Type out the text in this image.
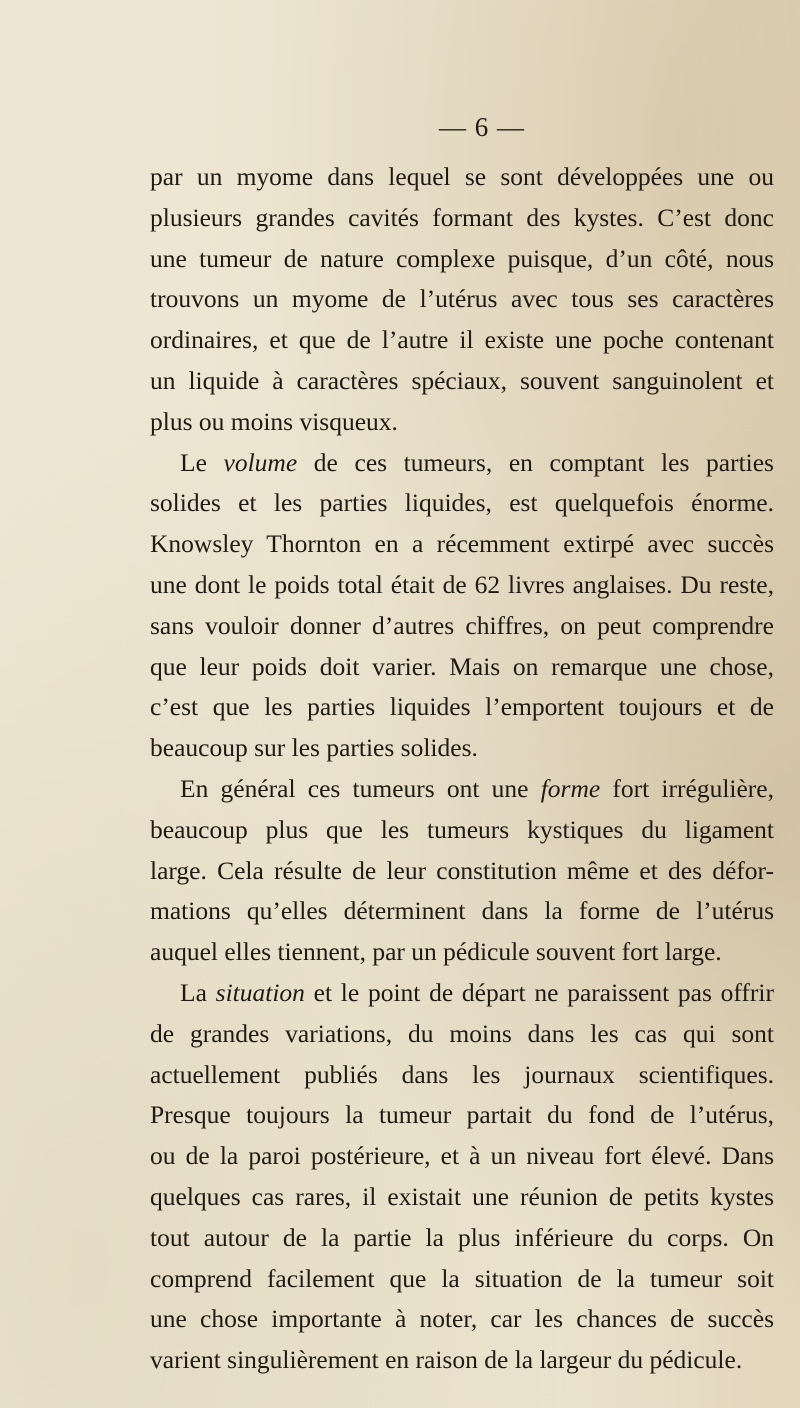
— 6 —
par un myome dans lequel se sont développées une ou
plusieurs grandes cavités formant des kystes. C’est donc
une tumeur de nature complexe puisque, d’un côté, nous
trouvons un myome de l’utérus avec tous ses caractères
ordinaires, et que de l’autre il existe une poche contenant
un liquide à caractères spéciaux, souvent sanguinolent et
plus ou moins visqueux.
Le volume de ces tumeurs, en comptant les parties
solides et les parties liquides, est quelquefois énorme.
Knowsley Thornton en a récemment extirpé avec succès
une dont le poids total était de 62 livres anglaises. Du reste,
sans vouloir donner d’autres chiffres, on peut comprendre
que leur poids doit varier. Mais on remarque une chose,
c’est que les parties liquides l’emportent toujours et de
beaucoup sur les parties solides.
En général ces tumeurs ont une forme fort irrégulière,
beaucoup plus que les tumeurs kystiques du ligament
large. Cela résulte de leur constitution même et des défor-
mations qu’elles déterminent dans la forme de l’utérus
auquel elles tiennent, par un pédicule souvent fort large.
La situation et le point de départ ne paraissent pas offrir
de grandes variations, du moins dans les cas qui sont
actuellement publiés dans les journaux scientifiques.
Presque toujours la tumeur partait du fond de l’utérus,
ou de la paroi postérieure, et à un niveau fort élevé. Dans
quelques cas rares, il existait une réunion de petits kystes
tout autour de la partie la plus inférieure du corps. On
comprend facilement que la situation de la tumeur soit
une chose importante à noter, car les chances de succès
varient singulièrement en raison de la largeur du pédicule.
